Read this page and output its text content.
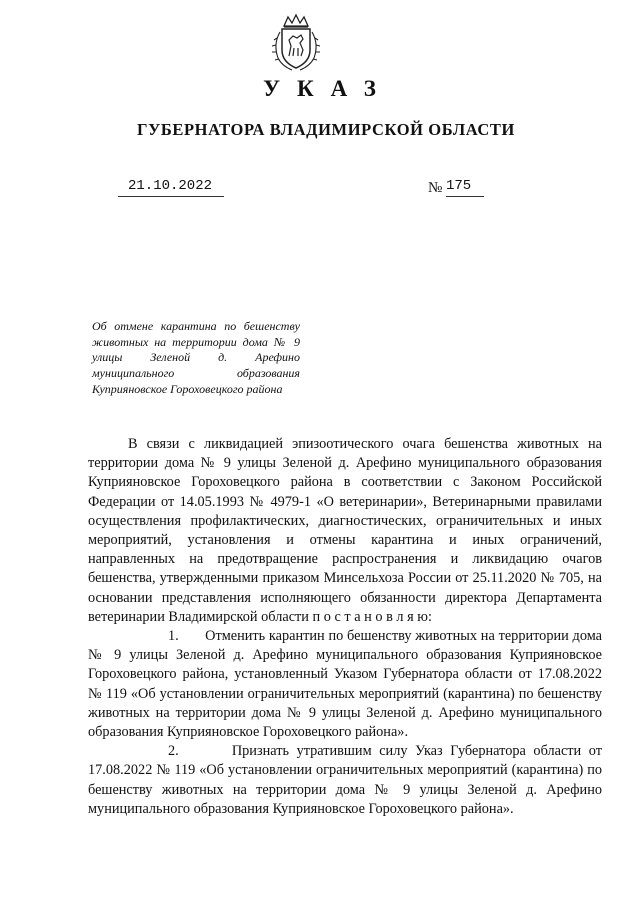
УКАЗ
ГУБЕРНАТОРА ВЛАДИМИРСКОЙ ОБЛАСТИ
21.10.2022	№ 175
Об отмене карантина по бешенству животных на территории дома № 9 улицы Зеленой д. Арефино муниципального образования Куприяновское Гороховецкого района

В связи с ликвидацией эпизоотического очага бешенства животных на территории дома № 9 улицы Зеленой д. Арефино муниципального образования Куприяновское Гороховецкого района в соответствии с Законом Российской Федерации от 14.05.1993 № 4979-1 «О ветеринарии», Ветеринарными правилами осуществления профилактических, диагностических, ограничительных и иных мероприятий, установления и отмены карантина и иных ограничений, направленных на предотвращение распространения и ликвидацию очагов бешенства, утвержденными приказом Минсельхоза России от 25.11.2020 № 705, на основании представления исполняющего обязанности директора Департамента ветеринарии Владимирской области п о с т а н о в л я ю:

1. Отменить карантин по бешенству животных на территории дома № 9 улицы Зеленой д. Арефино муниципального образования Куприяновское Гороховецкого района, установленный Указом Губернатора области от 17.08.2022 № 119 «Об установлении ограничительных мероприятий (карантина) по бешенству животных на территории дома № 9 улицы Зеленой д. Арефино муниципального образования Куприяновское Гороховецкого района».

2.	Признать утратившим силу Указ Губернатора области от 17.08.2022 № 119 «Об установлении ограничительных мероприятий (карантина) по бешенству животных на территории дома № 9 улицы Зеленой д. Арефино муниципального образования Куприяновское Гороховецкого района».
